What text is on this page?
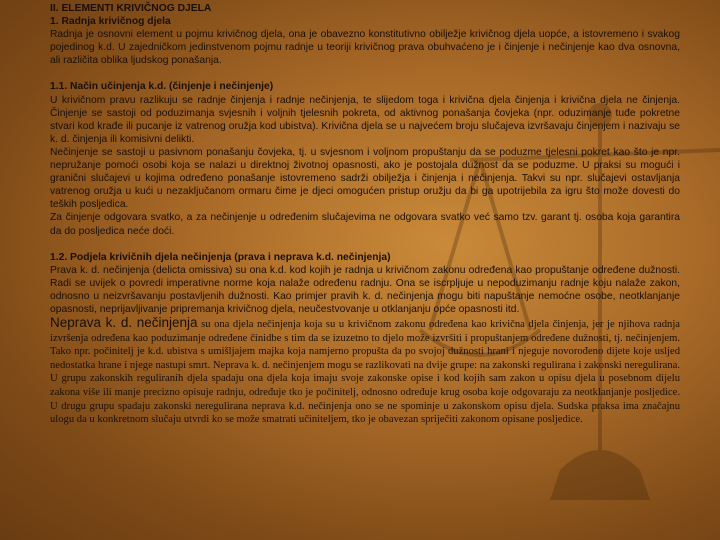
II. ELEMENTI KRIVIČNOG DJELA

1. Radnja krivičnog djela

Radnja je osnovni element u pojmu krivičnog djela, ona je obavezno konstitutivno obilježje krivičnog djela uopće, a istovremeno i svakog pojedinog k.d. U zajedničkom jedinstvenom pojmu radnje u teoriji krivičnog prava obuhvaćeno je i činjenje i nečinjenje kao dva osnovna, ali različita oblika ljudskog ponašanja.

1.1. Način učinjenja k.d. (činjenje i nečinjenje)

U krivičnom pravu razlikuju se radnje činjenja i radnje nečinjenja, te slijedom toga i krivična djela činjenja i krivična djela ne činjenja. Činjenje se sastoji od poduzimanja svjesnih i voljnih tjelesnih pokreta, od aktivnog ponašanja čovjeka (npr. oduzimanje tuđe pokretne stvari kod krađe ili pucanje iz vatrenog oružja kod ubistva). Krivična djela se u najvećem broju slučajeva izvršavaju činjenjem i nazivaju se k. d. činjenja ili komisivni delikti.

Nečinjenje se sastoji u pasivnom ponašanju čovjeka, tj. u svjesnom i voljnom propuštanju da se poduzme tjelesni pokret kao što je npr. nepružanje pomoći osobi koja se nalazi u direktnoj životnoj opasnosti, ako je postojala dužnost da se poduzme. U praksi su mogući i granični slučajevi u kojima određeno ponašanje istovremeno sadrži obilježja i činjenja i nečinjenja. Takvi su npr. slučajevi ostavljanja vatrenog oružja u kući u nezaključanom ormaru čime je djeci omogućen pristup oružju da bi ga upotrijebila za igru što može dovesti do teških posljedica.

Za činjenje odgovara svatko, a za nečinjenje u određenim slučajevima ne odgovara svatko već samo tzv. garant tj. osoba koja garantira da do posljedica neće doći.

1.2. Podjela krivičnih djela nečinjenja (prava i neprava k.d. nečinjenja)

Prava k. d. nečinjenja (delicta omissiva) su ona k.d. kod kojih je radnja u krivičnom zakonu određena kao propuštanje određene dužnosti. Radi se uvijek o povredi imperativne norme koja nalaže određenu radnju. Ona se iscrpljuje u nepoduzimanju radnje koju nalaže zakon, odnosno u neizvršavanju postavljenih dužnosti. Kao primjer pravih k. d. nečinjenja mogu biti napuštanje nemoćne osobe, neotklanjanje opasnosti, neprijavljivanje pripremanja krivičnog djela, neučestvovanje u otklanjanju opće opasnosti itd.

Neprava k. d. nečinjenja su ona djela nečinjenja koja su u krivičnom zakonu određena kao krivična djela činjenja, jer je njihova radnja izvršenja određena kao poduzimanje određene činidbe s tim da se izuzetno to djelo može izvršiti i propuštanjem određene dužnosti, tj. nečinjenjem. Tako npr. počinitelj je k.d. ubistva s umišljajem majka koja namjerno propušta da po svojoj dužnosti hrani i njeguje novorođeno dijete koje usljed nedostatka hrane i njege nastupi smrt. Neprava k. d. nečinjenjem mogu se razlikovati na dvije grupe: na zakonski regulirana i zakonski neregulirana. U grupu zakonskih reguliranih djela spadaju ona djela koja imaju svoje zakonske opise i kod kojih sam zakon u opisu djela u posebnom dijelu zakona više ili manje precizno opisuje radnju, određuje tko je počinitelj, odnosno određuje krug osoba koje odgovaraju za neotklanjanje posljedice. U drugu grupu spadaju zakonski neregulirana neprava k.d. nečinjenja ono se ne spominje u zakonskom opisu djela. Sudska praksa ima značajnu ulogu da u konkretnom slučaju utvrdi ko se može smatrati učiniteljem, tko je obavezan spriječiti zakonom opisane posljedice.
